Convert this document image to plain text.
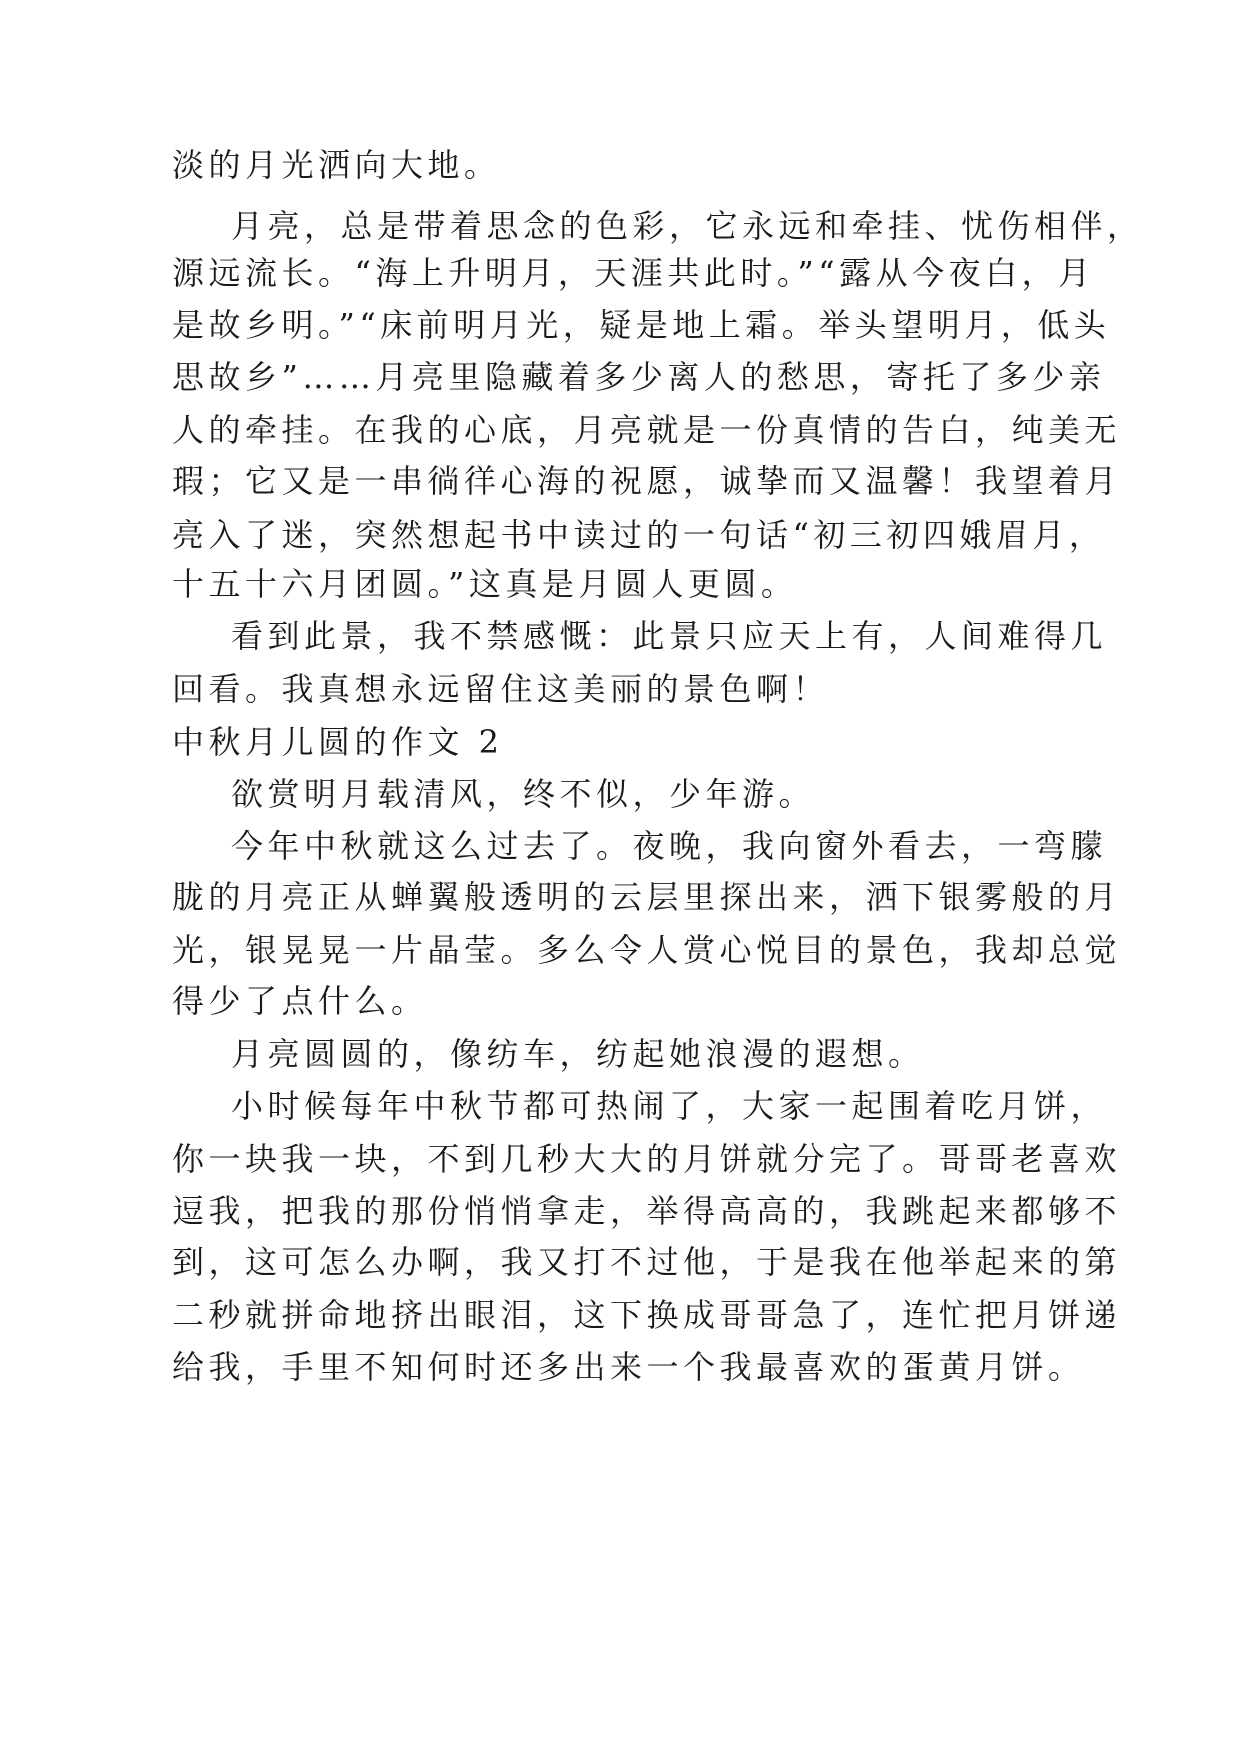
淡的月光洒向大地。
月亮，总是带着思念的色彩，它永远和牵挂、忧伤相伴，
源远流长。“海上升明月，天涯共此时。”“露从今夜白，月
是故乡明。”“床前明月光，疑是地上霜。举头望明月，低头
思故乡”……月亮里隐藏着多少离人的愁思，寄托了多少亲
人的牵挂。在我的心底，月亮就是一份真情的告白，纯美无
瑕；它又是一串徜徉心海的祝愿，诚挚而又温馨！我望着月
亮入了迷，突然想起书中读过的一句话“初三初四娥眉月，
十五十六月团圆。”这真是月圆人更圆。
看到此景，我不禁感慨：此景只应天上有，人间难得几
回看。我真想永远留住这美丽的景色啊！
中秋月儿圆的作文 2
欲赏明月载清风，终不似，少年游。
今年中秋就这么过去了。夜晚，我向窗外看去，一弯朦
胧的月亮正从蝉翼般透明的云层里探出来，洒下银雾般的月
光，银晃晃一片晶莹。多么令人赏心悦目的景色，我却总觉
得少了点什么。
月亮圆圆的，像纺车，纺起她浪漫的遐想。
小时候每年中秋节都可热闹了，大家一起围着吃月饼，
你一块我一块，不到几秒大大的月饼就分完了。哥哥老喜欢
逗我，把我的那份悄悄拿走，举得高高的，我跳起来都够不
到，这可怎么办啊，我又打不过他，于是我在他举起来的第
二秒就拼命地挤出眼泪，这下换成哥哥急了，连忙把月饼递
给我，手里不知何时还多出来一个我最喜欢的蛋黄月饼。
